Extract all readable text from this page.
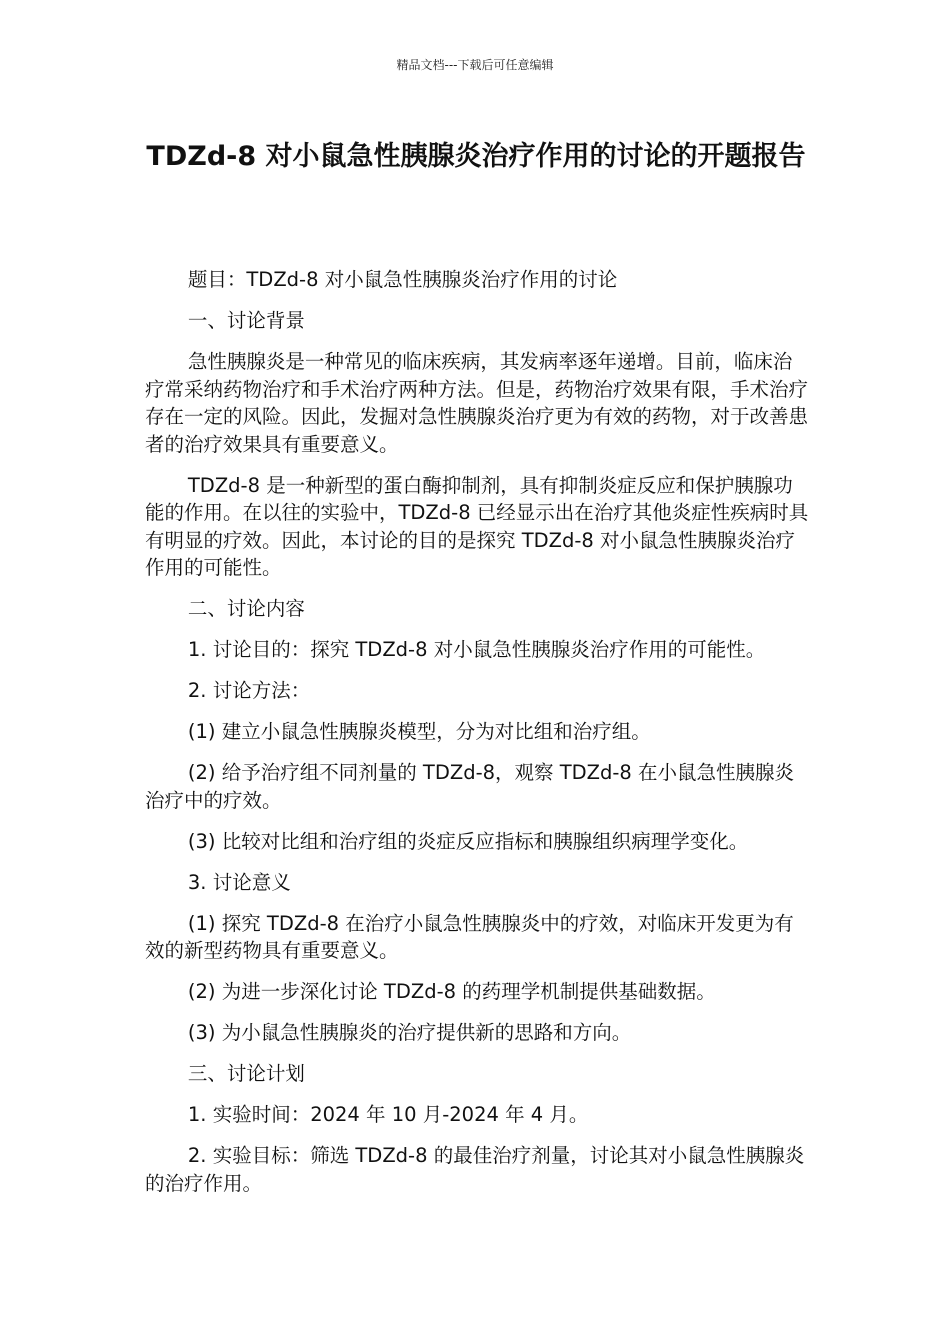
精品文档---下载后可任意编辑
TDZd-8 对小鼠急性胰腺炎治疗作用的讨论的开题报告

题目：TDZd-8 对小鼠急性胰腺炎治疗作用的讨论

一、讨论背景

急性胰腺炎是一种常见的临床疾病，其发病率逐年递增。目前，临床治疗常采纳药物治疗和手术治疗两种方法。但是，药物治疗效果有限，手术治疗存在一定的风险。因此，发掘对急性胰腺炎治疗更为有效的药物，对于改善患者的治疗效果具有重要意义。

TDZd-8 是一种新型的蛋白酶抑制剂，具有抑制炎症反应和保护胰腺功能的作用。在以往的实验中，TDZd-8 已经显示出在治疗其他炎症性疾病时具有明显的疗效。因此，本讨论的目的是探究 TDZd-8 对小鼠急性胰腺炎治疗作用的可能性。

二、讨论内容

1. 讨论目的：探究 TDZd-8 对小鼠急性胰腺炎治疗作用的可能性。

2. 讨论方法：

(1) 建立小鼠急性胰腺炎模型，分为对比组和治疗组。

(2) 给予治疗组不同剂量的 TDZd-8，观察 TDZd-8 在小鼠急性胰腺炎治疗中的疗效。

(3) 比较对比组和治疗组的炎症反应指标和胰腺组织病理学变化。

3. 讨论意义

(1) 探究 TDZd-8 在治疗小鼠急性胰腺炎中的疗效，对临床开发更为有效的新型药物具有重要意义。

(2) 为进一步深化讨论 TDZd-8 的药理学机制提供基础数据。

(3) 为小鼠急性胰腺炎的治疗提供新的思路和方向。

三、讨论计划

1. 实验时间：2024 年 10 月-2024 年 4 月。

2. 实验目标：筛选 TDZd-8 的最佳治疗剂量，讨论其对小鼠急性胰腺炎的治疗作用。
